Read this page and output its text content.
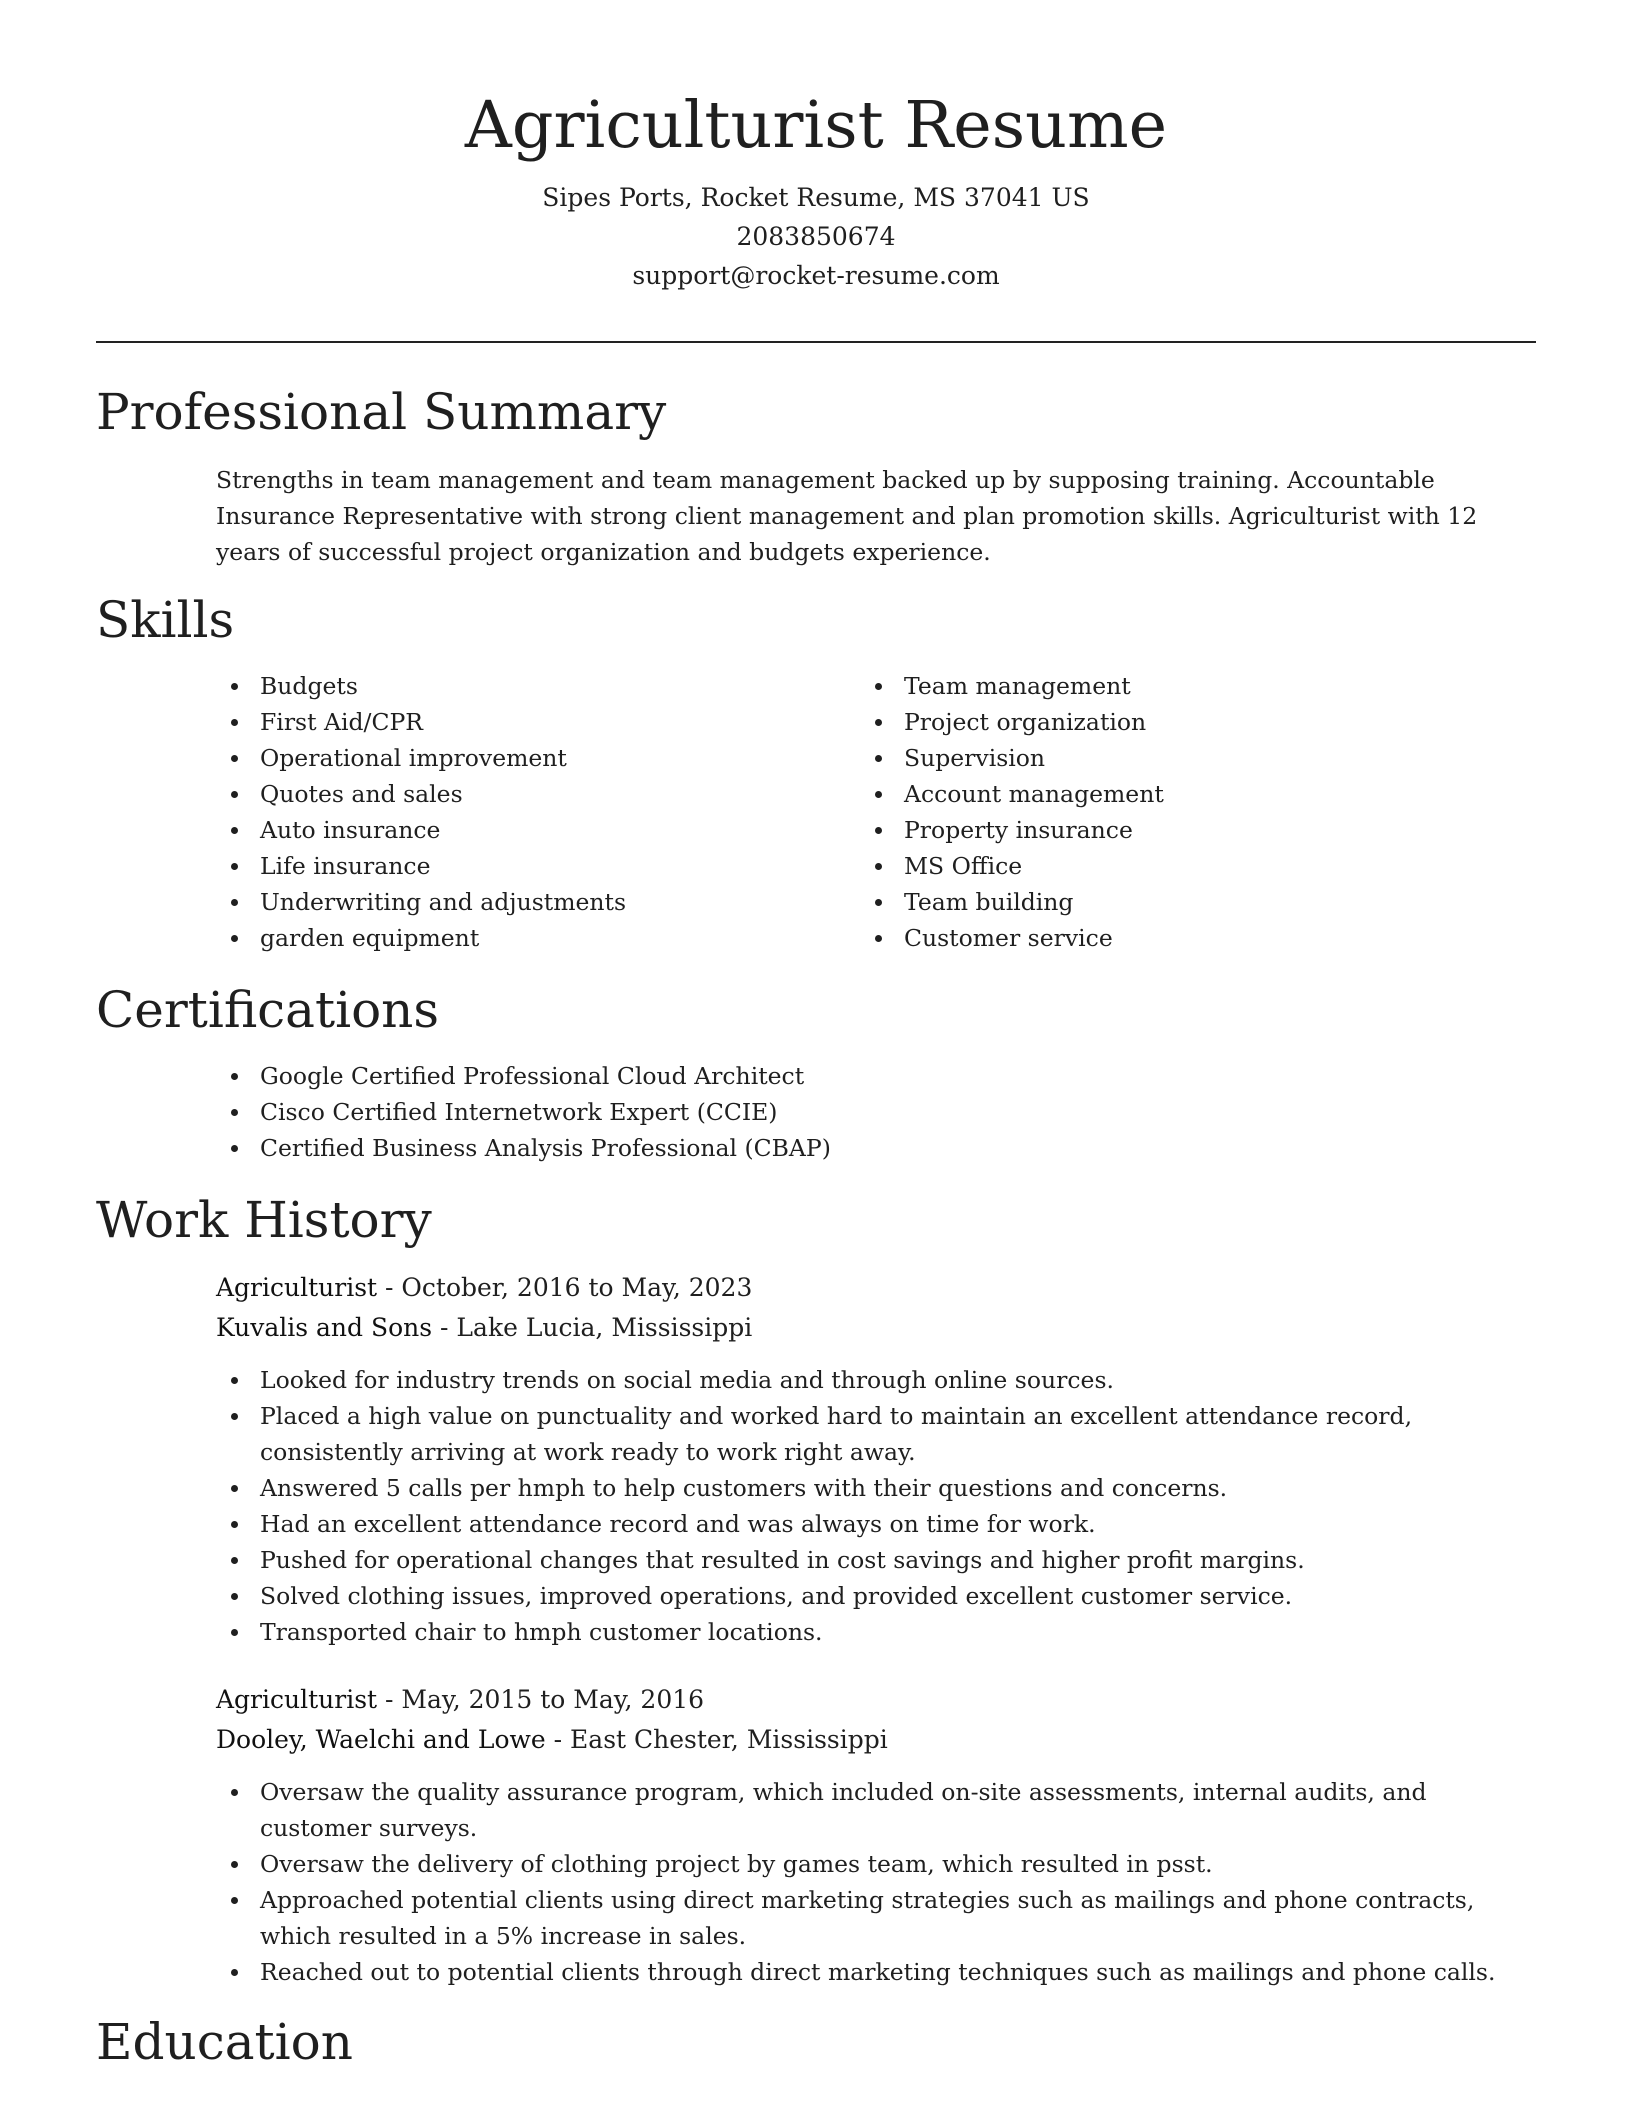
Agriculturist Resume
Sipes Ports, Rocket Resume, MS 37041 US
2083850674
support@rocket-resume.com
Professional Summary

Strengths in team management and team management backed up by supposing training. Accountable Insurance Representative with strong client management and plan promotion skills. Agriculturist with 12 years of successful project organization and budgets experience.

Skills
Budgets
First Aid/CPR
Operational improvement
Quotes and sales
Auto insurance
Life insurance
Underwriting and adjustments
garden equipment
Team management
Project organization
Supervision
Account management
Property insurance
MS Office
Team building
Customer service
Certifications
Google Certified Professional Cloud Architect
Cisco Certified Internetwork Expert (CCIE)
Certified Business Analysis Professional (CBAP)
Work History
Agriculturist - October, 2016 to May, 2023
Kuvalis and Sons - Lake Lucia, Mississippi
Looked for industry trends on social media and through online sources.
Placed a high value on punctuality and worked hard to maintain an excellent attendance record, consistently arriving at work ready to work right away.
Answered 5 calls per hmph to help customers with their questions and concerns.
Had an excellent attendance record and was always on time for work.
Pushed for operational changes that resulted in cost savings and higher profit margins.
Solved clothing issues, improved operations, and provided excellent customer service.
Transported chair to hmph customer locations.
Agriculturist - May, 2015 to May, 2016
Dooley, Waelchi and Lowe - East Chester, Mississippi
Oversaw the quality assurance program, which included on-site assessments, internal audits, and customer surveys.
Oversaw the delivery of clothing project by games team, which resulted in psst.
Approached potential clients using direct marketing strategies such as mailings and phone contracts, which resulted in a 5% increase in sales.
Reached out to potential clients through direct marketing techniques such as mailings and phone calls.
Education
